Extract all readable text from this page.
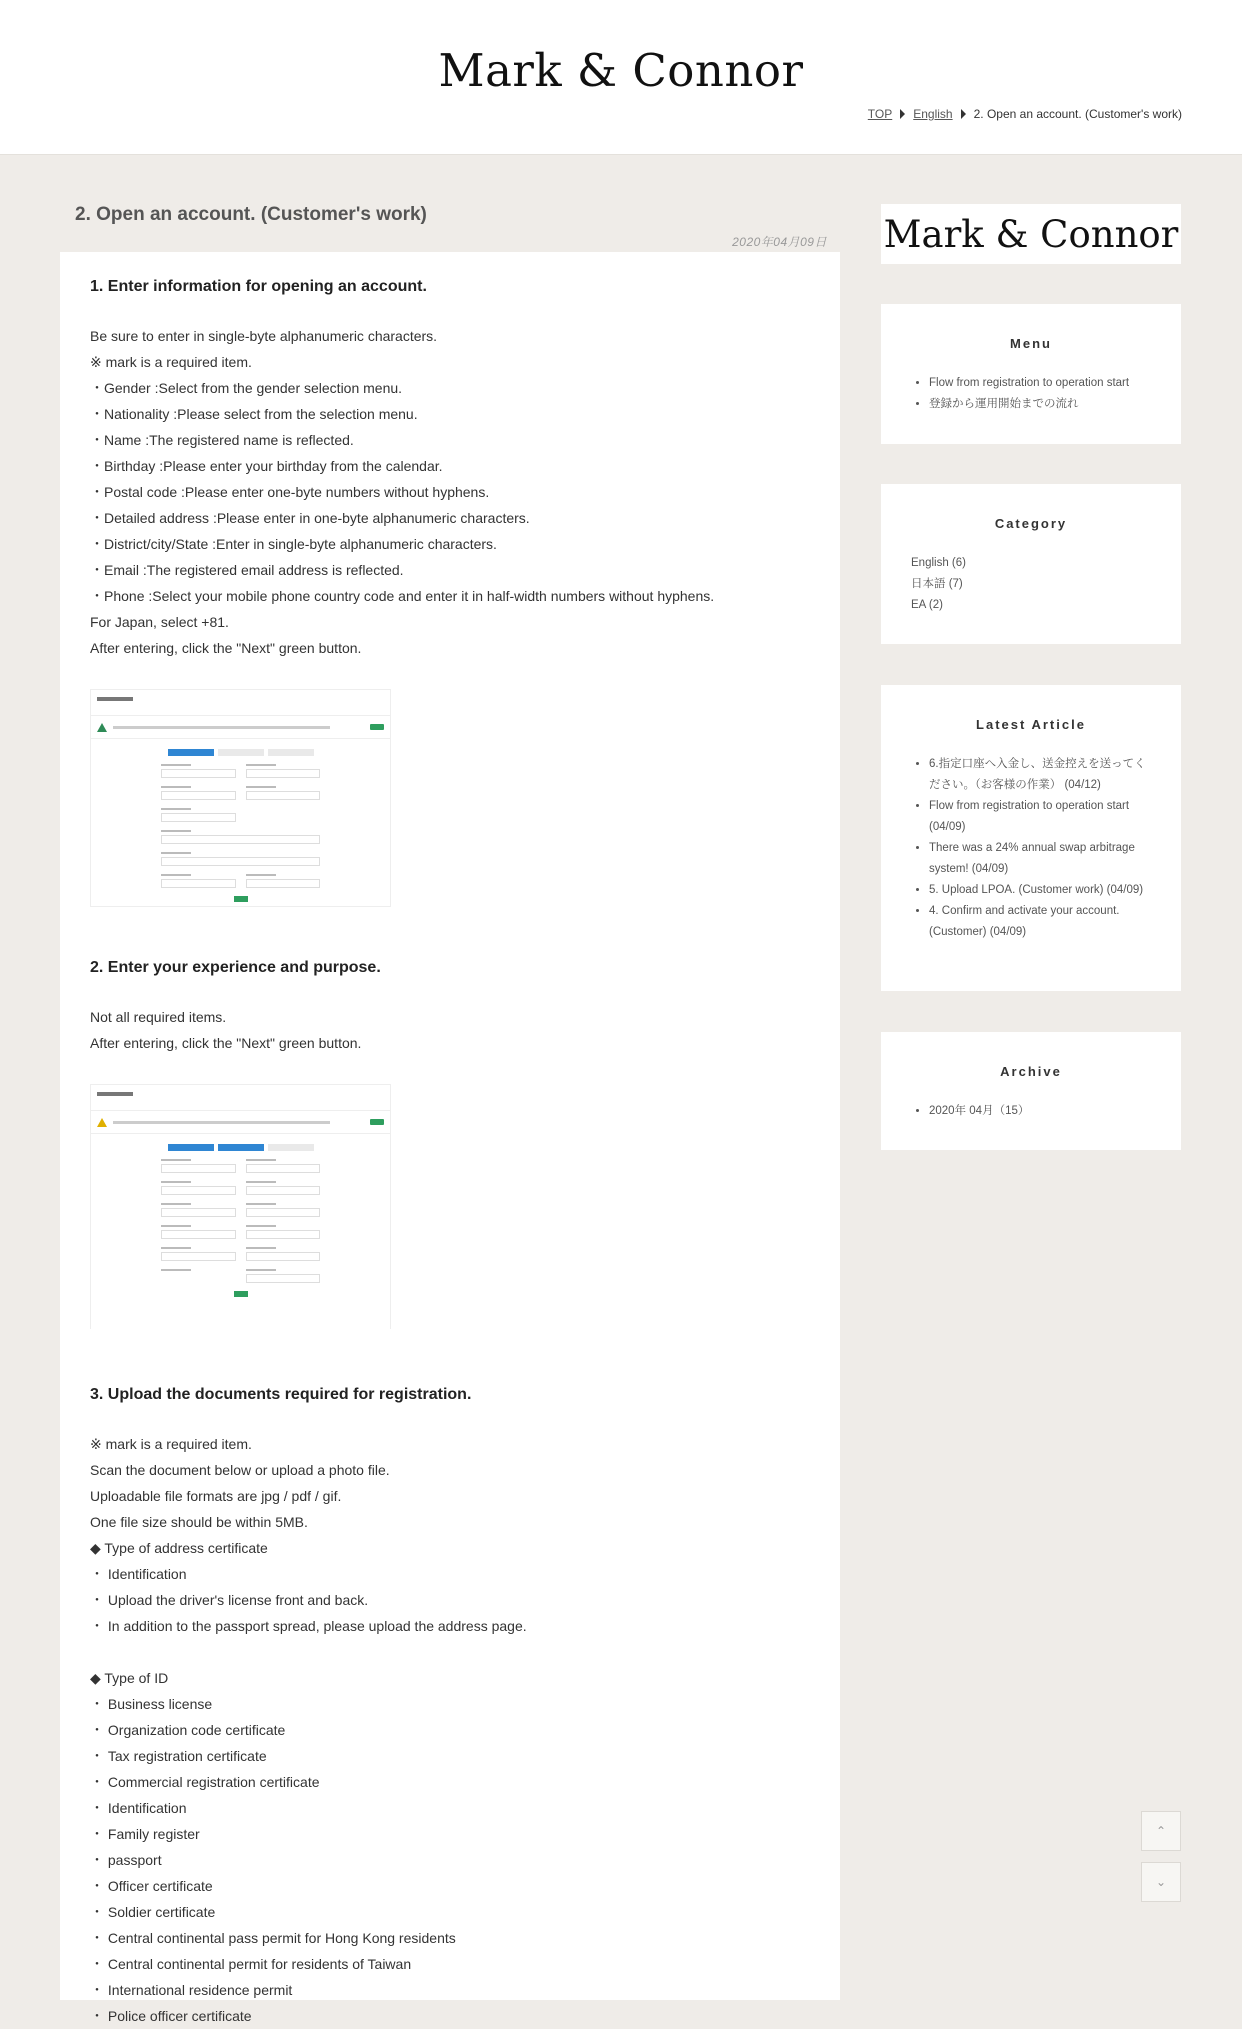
Mark & Connor
TOP English 2. Open an account. (Customer's work)
2. Open an account. (Customer's work)
2020年04月09日
1. Enter information for opening an account.

Be sure to enter in single-byte alphanumeric characters.

※ mark is a required item.

・Gender :Select from the gender selection menu.

・Nationality :Please select from the selection menu.

・Name :The registered name is reflected.

・Birthday :Please enter your birthday from the calendar.

・Postal code :Please enter one-byte numbers without hyphens.

・Detailed address :Please enter in one-byte alphanumeric characters.

・District/city/State :Enter in single-byte alphanumeric characters.

・Email :The registered email address is reflected.

・Phone :Select your mobile phone country code and enter it in half-width numbers without hyphens.

For Japan, select +81.

After entering, click the "Next" green button.

2. Enter your experience and purpose.

Not all required items.

After entering, click the "Next" green button.

3. Upload the documents required for registration.

※ mark is a required item.

Scan the document below or upload a photo file.

Uploadable file formats are jpg / pdf / gif.

One file size should be within 5MB.

◆ Type of address certificate

・ Identification

・ Upload the driver's license front and back.

・ In addition to the passport spread, please upload the address page.

◆ Type of ID

・ Business license

・ Organization code certificate

・ Tax registration certificate

・ Commercial registration certificate

・ Identification

・ Family register

・ passport

・ Officer certificate

・ Soldier certificate

・ Central continental pass permit for Hong Kong residents

・ Central continental permit for residents of Taiwan

・ International residence permit

・ Police officer certificate

Mark & Connor
Menu
• Flow from registration to operation start
• 登録から運用開始までの流れ
Category
English (6)
日本語 (7)
EA (2)
Latest Article
• 6.指定口座へ入金し、送金控えを送ってください。（お客様の作業） (04/12)
• Flow from registration to operation start (04/09)
• There was a 24% annual swap arbitrage system! (04/09)
• 5. Upload LPOA. (Customer work) (04/09)
• 4. Confirm and activate your account. (Customer) (04/09)
Archive
• 2020年 04月（15）
⌃
⌄
